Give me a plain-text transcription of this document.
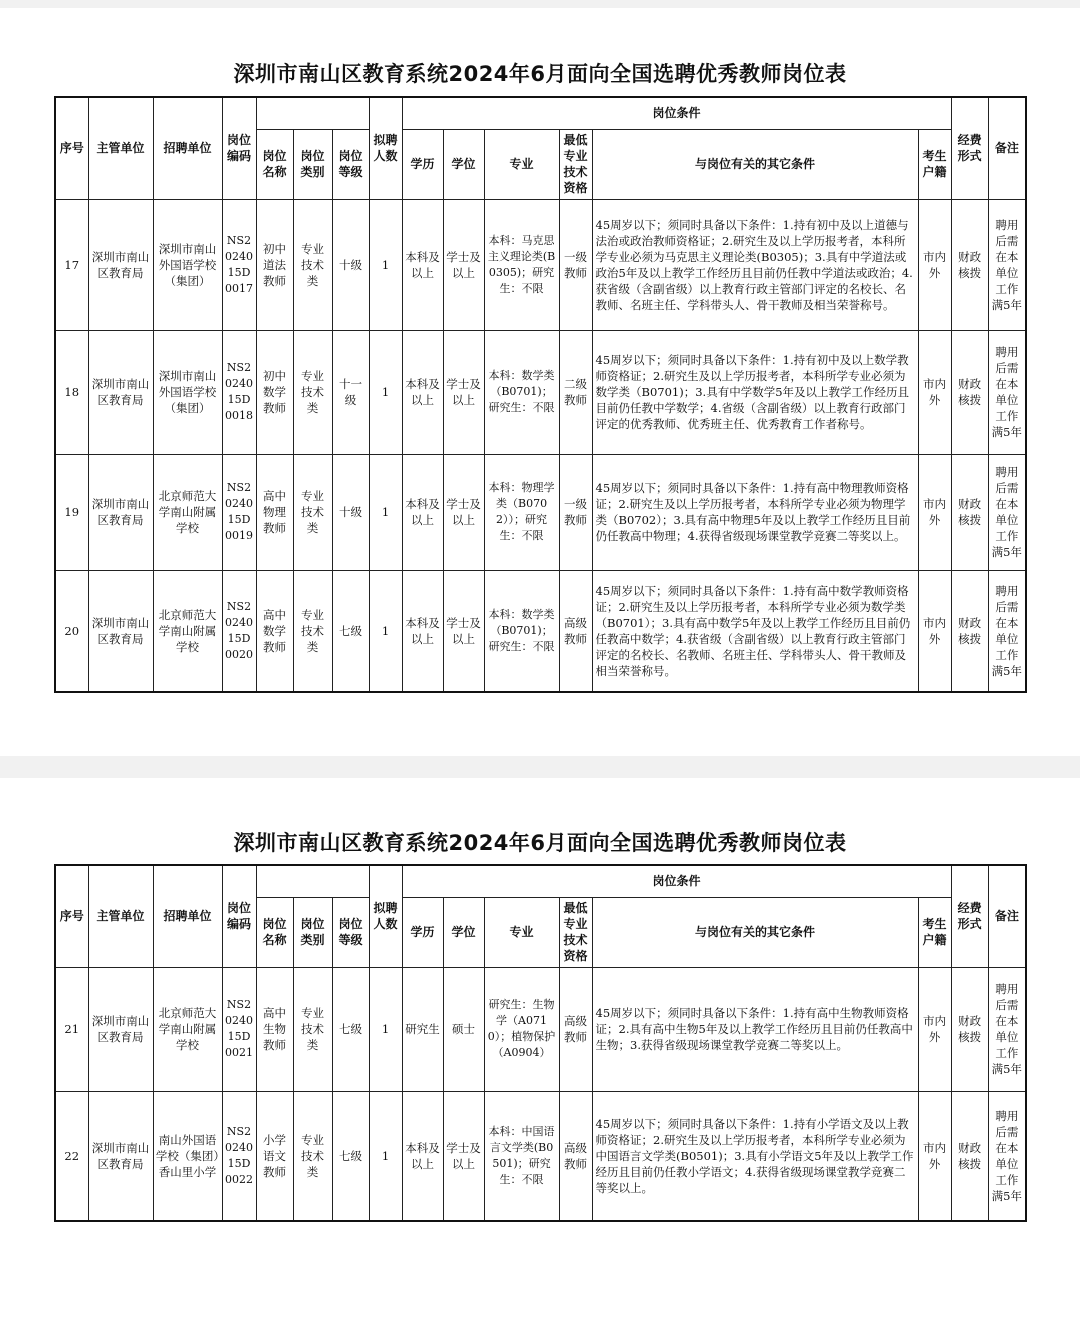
深圳市南山区教育系统2024年6月面向全国选聘优秀教师岗位表
序号	主管单位	招聘单位	岗位编码				拟聘人数	岗位条件						经费形式	备注
				岗位名称	岗位类别	岗位等级		学历	学位	专业	最低专业技术资格	与岗位有关的其它条件	考生户籍		
17	深圳市南山区教育局	深圳市南山外国语学校（集团）	NS2024015D0017	初中道法教师	专业技术类	十级	1	本科及以上	学士及以上	本科：马克思主义理论类(B0305)；研究生：不限	一级教师	45周岁以下；须同时具备以下条件：1.持有初中及以上道德与法治或政治教师资格证；2.研究生及以上学历报考者，本科所学专业必须为马克思主义理论类(B0305)；3.具有中学道法或政治5年及以上教学工作经历且目前仍任教中学道法或政治；4.获省级（含副省级）以上教育行政主管部门评定的名校长、名教师、名班主任、学科带头人、骨干教师及相当荣誉称号。	市内外	财政核拨	聘用后需在本单位工作满5年
18	深圳市南山区教育局	深圳市南山外国语学校（集团）	NS2024015D0018	初中数学教师	专业技术类	十一级	1	本科及以上	学士及以上	本科：数学类（B0701)；研究生：不限	二级教师	45周岁以下；须同时具备以下条件：1.持有初中及以上数学教师资格证；2.研究生及以上学历报考者，本科所学专业必须为数学类（B0701)；3.具有中学数学5年及以上教学工作经历且目前仍任教中学数学；4.省级（含副省级）以上教育行政部门评定的优秀教师、优秀班主任、优秀教育工作者称号。	市内外	财政核拨	聘用后需在本单位工作满5年
19	深圳市南山区教育局	北京师范大学南山附属学校	NS2024015D0019	高中物理教师	专业技术类	十级	1	本科及以上	学士及以上	本科：物理学类（B0702））；研究生：不限	一级教师	45周岁以下；须同时具备以下条件：1.持有高中物理教师资格证；2.研究生及以上学历报考者，本科所学专业必须为物理学类（B0702）；3.具有高中物理5年及以上教学工作经历且目前仍任教高中物理；4.获得省级现场课堂教学竞赛二等奖以上。	市内外	财政核拨	聘用后需在本单位工作满5年
20	深圳市南山区教育局	北京师范大学南山附属学校	NS2024015D0020	高中数学教师	专业技术类	七级	1	本科及以上	学士及以上	本科：数学类（B0701)；研究生：不限	高级教师	45周岁以下；须同时具备以下条件：1.持有高中数学教师资格证；2.研究生及以上学历报考者，本科所学专业必须为数学类（B0701）；3.具有高中数学5年及以上教学工作经历且目前仍任教高中数学；4.获省级（含副省级）以上教育行政主管部门评定的名校长、名教师、名班主任、学科带头人、骨干教师及相当荣誉称号。	市内外	财政核拨	聘用后需在本单位工作满5年
深圳市南山区教育系统2024年6月面向全国选聘优秀教师岗位表
序号	主管单位	招聘单位	岗位编码				拟聘人数	岗位条件						经费形式	备注
				岗位名称	岗位类别	岗位等级		学历	学位	专业	最低专业技术资格	与岗位有关的其它条件	考生户籍		
21	深圳市南山区教育局	北京师范大学南山附属学校	NS2024015D0021	高中生物教师	专业技术类	七级	1	研究生	硕士	研究生：生物学（A0710）；植物保护（A0904）	高级教师	45周岁以下；须同时具备以下条件：1.持有高中生物教师资格证；2.具有高中生物5年及以上教学工作经历且目前仍任教高中生物；3.获得省级现场课堂教学竞赛二等奖以上。	市内外	财政核拨	聘用后需在本单位工作满5年
22	深圳市南山区教育局	南山外国语学校（集团）香山里小学	NS2024015D0022	小学语文教师	专业技术类	七级	1	本科及以上	学士及以上	本科：中国语言文学类(B0501)；研究生：不限	高级教师	45周岁以下；须同时具备以下条件：1.持有小学语文及以上教师资格证；2.研究生及以上学历报考者，本科所学专业必须为中国语言文学类(B0501)；3.具有小学语文5年及以上教学工作经历且目前仍任教小学语文；4.获得省级现场课堂教学竞赛二等奖以上。	市内外	财政核拨	聘用后需在本单位工作满5年
